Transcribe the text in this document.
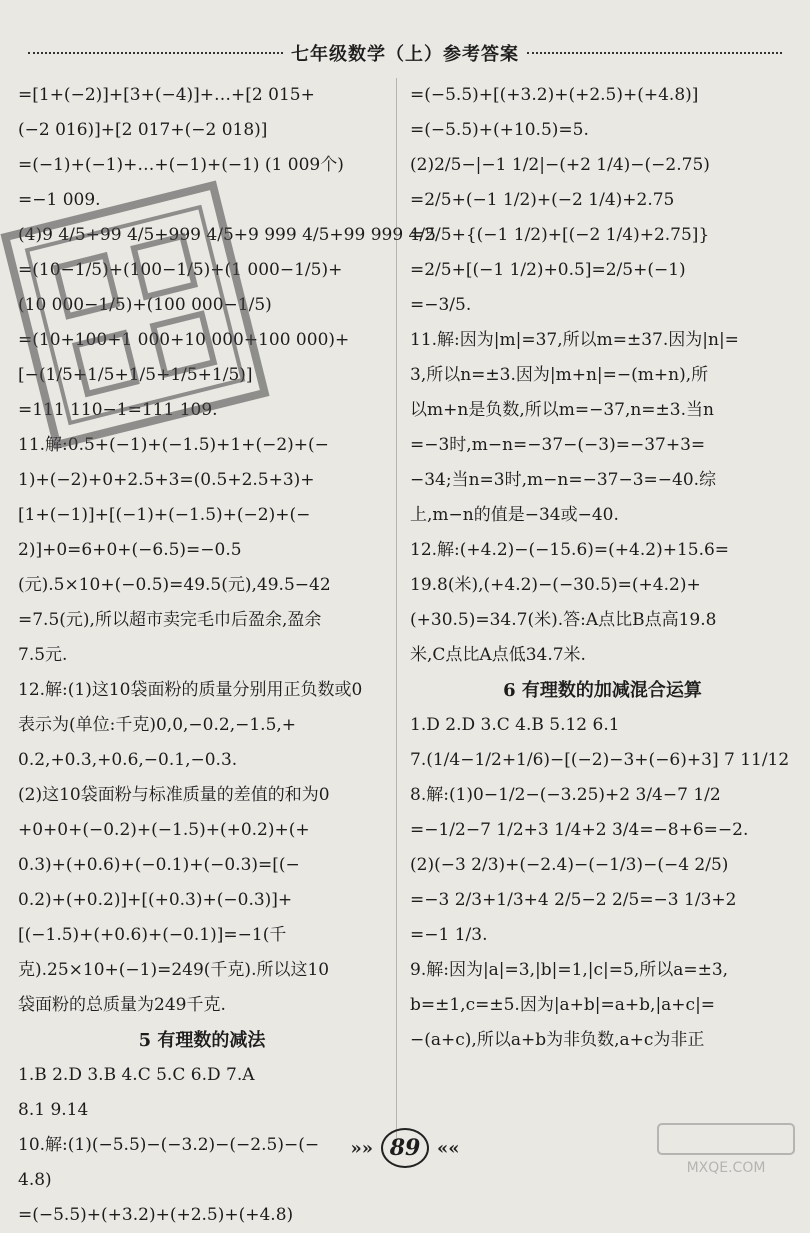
七年级数学（上）参考答案
=[1+(−2)]+[3+(−4)]+…+[2 015+
(−2 016)]+[2 017+(−2 018)]
=(−1)+(−1)+…+(−1)+(−1) (1 009个)
=−1 009.
(4)9 4/5+99 4/5+999 4/5+9 999 4/5+99 999 4/5
=(10−1/5)+(100−1/5)+(1 000−1/5)+
(10 000−1/5)+(100 000−1/5)
=(10+100+1 000+10 000+100 000)+
[−(1/5+1/5+1/5+1/5+1/5)]
=111 110−1=111 109.
11.解:0.5+(−1)+(−1.5)+1+(−2)+(−
1)+(−2)+0+2.5+3=(0.5+2.5+3)+
[1+(−1)]+[(−1)+(−1.5)+(−2)+(−
2)]+0=6+0+(−6.5)=−0.5
(元).5×10+(−0.5)=49.5(元),49.5−42
=7.5(元),所以超市卖完毛巾后盈余,盈余
7.5元.
12.解:(1)这10袋面粉的质量分别用正负数或0
表示为(单位:千克)0,0,−0.2,−1.5,+
0.2,+0.3,+0.6,−0.1,−0.3.
(2)这10袋面粉与标准质量的差值的和为0
+0+0+(−0.2)+(−1.5)+(+0.2)+(+
0.3)+(+0.6)+(−0.1)+(−0.3)=[(−
0.2)+(+0.2)]+[(+0.3)+(−0.3)]+
[(−1.5)+(+0.6)+(−0.1)]=−1(千
克).25×10+(−1)=249(千克).所以这10
袋面粉的总质量为249千克.
5 有理数的减法
1.B 2.D 3.B 4.C 5.C 6.D 7.A
8.1 9.14
10.解:(1)(−5.5)−(−3.2)−(−2.5)−(−
4.8)
=(−5.5)+(+3.2)+(+2.5)+(+4.8)
=(−5.5)+[(+3.2)+(+2.5)+(+4.8)]
=(−5.5)+(+10.5)=5.
(2)2/5−|−1 1/2|−(+2 1/4)−(−2.75)
=2/5+(−1 1/2)+(−2 1/4)+2.75
=2/5+{(−1 1/2)+[(−2 1/4)+2.75]}
=2/5+[(−1 1/2)+0.5]=2/5+(−1)
=−3/5.
11.解:因为|m|=37,所以m=±37.因为|n|=
3,所以n=±3.因为|m+n|=−(m+n),所
以m+n是负数,所以m=−37,n=±3.当n
=−3时,m−n=−37−(−3)=−37+3=
−34;当n=3时,m−n=−37−3=−40.综
上,m−n的值是−34或−40.
12.解:(+4.2)−(−15.6)=(+4.2)+15.6=
19.8(米),(+4.2)−(−30.5)=(+4.2)+
(+30.5)=34.7(米).答:A点比B点高19.8
米,C点比A点低34.7米.
6 有理数的加减混合运算
1.D 2.D 3.C 4.B 5.12 6.1
7.(1/4−1/2+1/6)−[(−2)−3+(−6)+3] 7 11/12
8.解:(1)0−1/2−(−3.25)+2 3/4−7 1/2
=−1/2−7 1/2+3 1/4+2 3/4=−8+6=−2.
(2)(−3 2/3)+(−2.4)−(−1/3)−(−4 2/5)
=−3 2/3+1/3+4 2/5−2 2/5=−3 1/3+2
=−1 1/3.
9.解:因为|a|=3,|b|=1,|c|=5,所以a=±3,
b=±1,c=±5.因为|a+b|=a+b,|a+c|=
−(a+c),所以a+b为非负数,a+c为非正
»» 89 ««
MXQE.COM
